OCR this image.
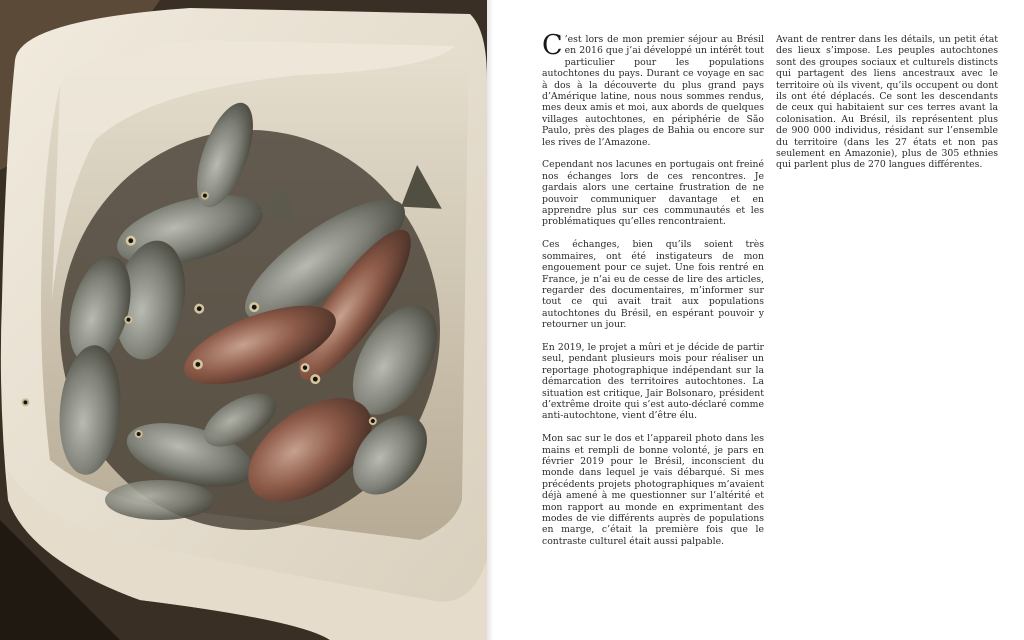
C ’est lors de mon premier séjour au Brésil en 2016 que j’ai développé un intérêt tout particulier pour les populations autochtones du pays. Durant ce voyage en sac à dos à la découverte du plus grand pays d’Amérique latine, nous nous sommes rendus, mes deux amis et moi, aux abords de quelques villages autochtones, en périphérie de São Paulo, près des plages de Bahia ou encore sur les rives de l’Amazone.

Cependant nos lacunes en portugais ont freiné nos échanges lors de ces rencontres. Je gardais alors une certaine frustration de ne pouvoir communiquer davantage et en apprendre plus sur ces communautés et les problématiques qu’elles rencontraient.

Ces échanges, bien qu’ils soient très sommaires, ont été instigateurs de mon engouement pour ce sujet. Une fois rentré en France, je n’ai eu de cesse de lire des articles, regarder des documentaires, m’informer sur tout ce qui avait trait aux populations autochtones du Brésil, en espérant pouvoir y retourner un jour.

En 2019, le projet a mûri et je décide de partir seul, pendant plusieurs mois pour réaliser un reportage photographique indépendant sur la démarcation des territoires autochtones. La situation est critique, Jair Bolsonaro, président d’extrême droite qui s’est auto-déclaré comme anti-autochtone, vient d’être élu.

Mon sac sur le dos et l’appareil photo dans les mains et rempli de bonne volonté, je pars en février 2019 pour le Brésil, inconscient du monde dans lequel je vais débarqué. Si mes précédents projets photographiques m’avaient déjà amené à me questionner sur l’altérité et mon rapport au monde en exprimentant des modes de vie différents auprès de populations en marge, c’était la première fois que le contraste culturel était aussi palpable.

Avant de rentrer dans les détails, un petit état des lieux s’impose. Les peuples autochtones sont des groupes sociaux et culturels distincts qui partagent des liens ancestraux avec le territoire où ils vivent, qu’ils occupent ou dont ils ont été déplacés. Ce sont les descendants de ceux qui habitaient sur ces terres avant la colonisation. Au Brésil, ils représentent plus de 900 000 individus, résidant sur l’ensemble du territoire (dans les 27 états et non pas seulement en Amazonie), plus de 305 ethnies qui parlent plus de 270 langues différentes.
